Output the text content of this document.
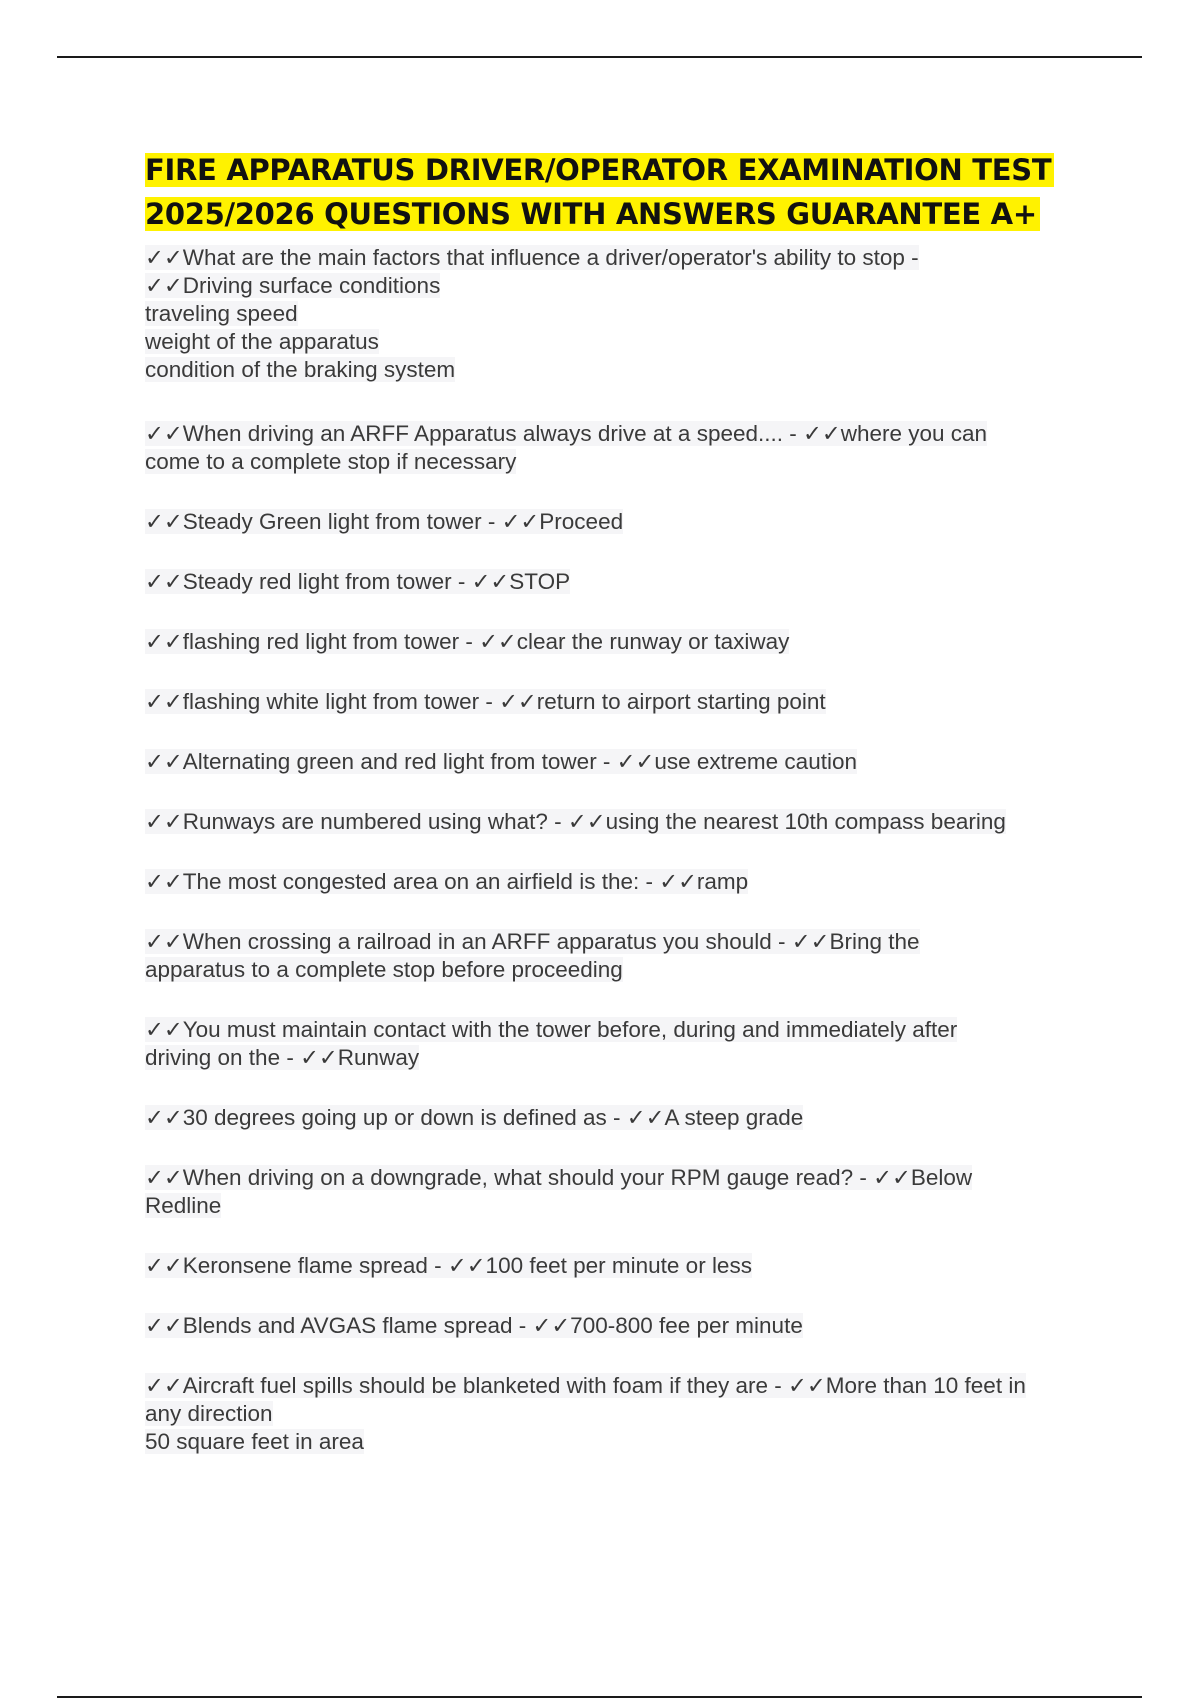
FIRE APPARATUS DRIVER/OPERATOR EXAMINATION TEST
2025/2026 QUESTIONS WITH ANSWERS GUARANTEE A+
✓✓What are the main factors that influence a driver/operator's ability to stop -
✓✓Driving surface conditions
traveling speed
weight of the apparatus
condition of the braking system
✓✓When driving an ARFF Apparatus always drive at a speed.... - ✓✓where you can
come to a complete stop if necessary
✓✓Steady Green light from tower - ✓✓Proceed
✓✓Steady red light from tower - ✓✓STOP
✓✓flashing red light from tower - ✓✓clear the runway or taxiway
✓✓flashing white light from tower - ✓✓return to airport starting point
✓✓Alternating green and red light from tower - ✓✓use extreme caution
✓✓Runways are numbered using what? - ✓✓using the nearest 10th compass bearing
✓✓The most congested area on an airfield is the: - ✓✓ramp
✓✓When crossing a railroad in an ARFF apparatus you should - ✓✓Bring the
apparatus to a complete stop before proceeding
✓✓You must maintain contact with the tower before, during and immediately after
driving on the - ✓✓Runway
✓✓30 degrees going up or down is defined as - ✓✓A steep grade
✓✓When driving on a downgrade, what should your RPM gauge read? - ✓✓Below
Redline
✓✓Keronsene flame spread - ✓✓100 feet per minute or less
✓✓Blends and AVGAS flame spread - ✓✓700-800 fee per minute
✓✓Aircraft fuel spills should be blanketed with foam if they are - ✓✓More than 10 feet in
any direction
50 square feet in area
